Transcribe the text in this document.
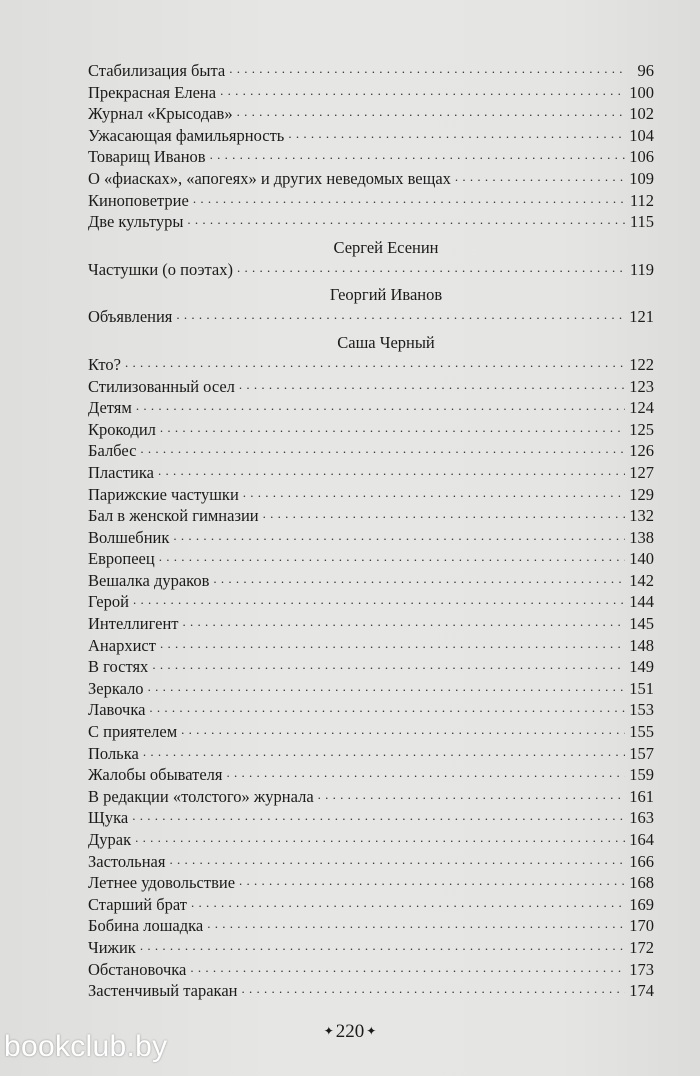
Стабилизация быта . . .	96
Прекрасная Елена . . .	100
Журнал «Крысодав» . . .	102
Ужасающая фамильярность . . .	104
Товарищ Иванов . . .	106
О «фиасках», «апогеях» и других неведомых вещах . . .	109
Киноповетрие . . .	112
Две культуры . . .	115
Сергей Есенин
Частушки (о поэтах) . . .	119
Георгий Иванов
Объявления . . .	121
Саша Черный
Кто? . . .	122
Стилизованный осел . . .	123
Детям . . .	124
Крокодил . . .	125
Балбес . . .	126
Пластика . . .	127
Парижские частушки . . .	129
Бал в женской гимназии . . .	132
Волшебник . . .	138
Европеец . . .	140
Вешалка дураков . . .	142
Герой . . .	144
Интеллигент . . .	145
Анархист . . .	148
В гостях . . .	149
Зеркало . . .	151
Лавочка . . .	153
С приятелем . . .	155
Полька . . .	157
Жалобы обывателя . . .	159
В редакции «толстого» журнала . . .	161
Щука . . .	163
Дурак . . .	164
Застольная . . .	166
Летнее удовольствие . . .	168
Старший брат . . .	169
Бобина лошадка . . .	170
Чижик . . .	172
Обстановочка . . .	173
Застенчивый таракан . . .	174
✦ 220 ✦
bookclub.by
